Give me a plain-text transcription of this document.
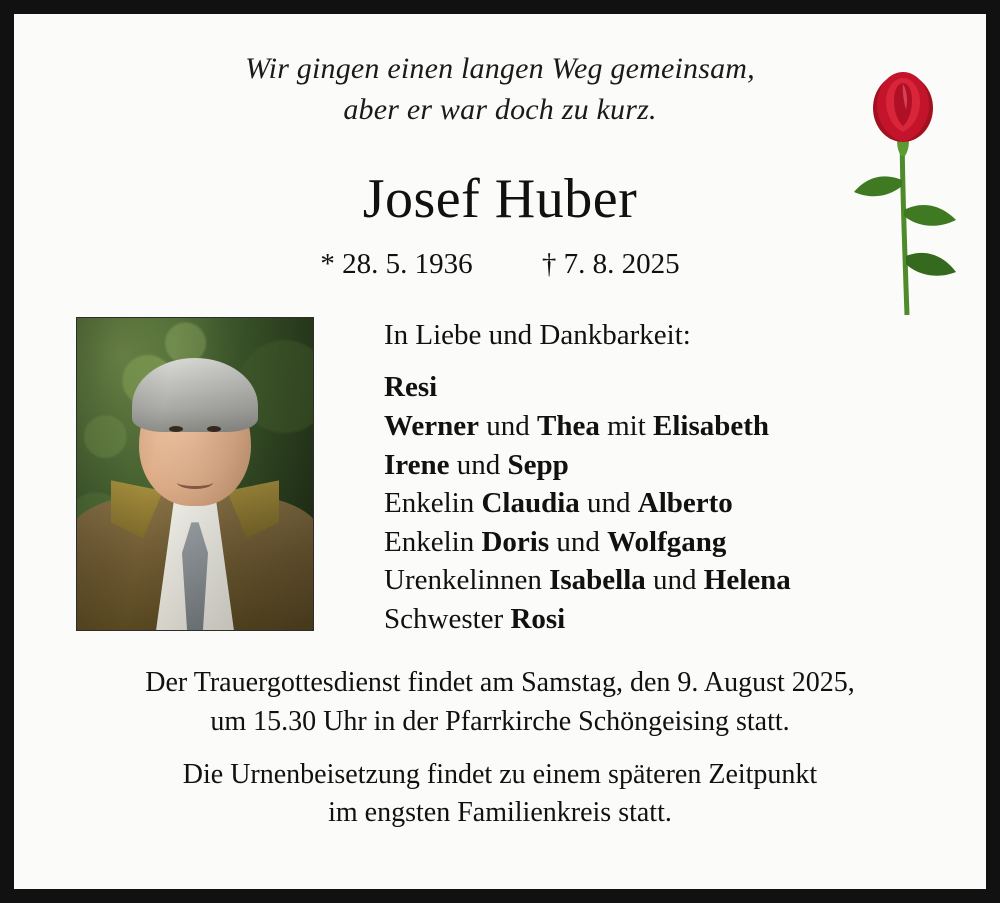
Wir gingen einen langen Weg gemeinsam,
aber er war doch zu kurz.
Josef Huber
* 28. 5. 1936 † 7. 8. 2025
In Liebe und Dankbarkeit:
Resi
Werner und Thea mit Elisabeth
Irene und Sepp
Enkelin Claudia und Alberto
Enkelin Doris und Wolfgang
Urenkelinnen Isabella und Helena
Schwester Rosi
Der Trauergottesdienst findet am Samstag, den 9. August 2025,
um 15.30 Uhr in der Pfarrkirche Schöngeising statt.
Die Urnenbeisetzung findet zu einem späteren Zeitpunkt
im engsten Familienkreis statt.
